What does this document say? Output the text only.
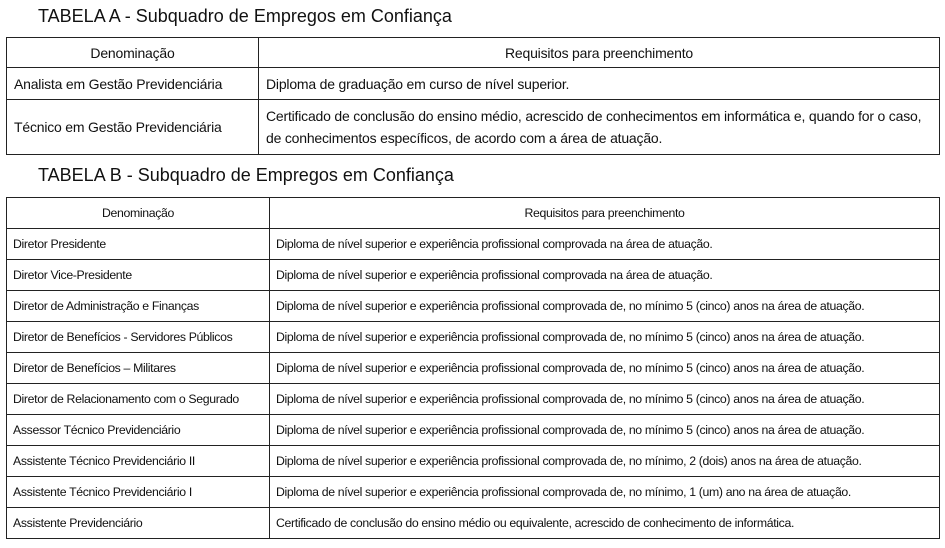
TABELA A - Subquadro de Empregos em Confiança
Denominação	Requisitos para preenchimento
Analista em Gestão Previdenciária	Diploma de graduação em curso de nível superior.
Técnico em Gestão Previdenciária	Certificado de conclusão do ensino médio, acrescido de conhecimentos em informática e, quando for o caso, de conhecimentos específicos, de acordo com a área de atuação.
TABELA B - Subquadro de Empregos em Confiança
Denominação	Requisitos para preenchimento
Diretor Presidente	Diploma de nível superior e experiência profissional comprovada na área de atuação.
Diretor Vice-Presidente	Diploma de nível superior e experiência profissional comprovada na área de atuação.
Diretor de Administração e Finanças	Diploma de nível superior e experiência profissional comprovada de, no mínimo 5 (cinco) anos na área de atuação.
Diretor de Benefícios - Servidores Públicos	Diploma de nível superior e experiência profissional comprovada de, no mínimo 5 (cinco) anos na área de atuação.
Diretor de Benefícios – Militares	Diploma de nível superior e experiência profissional comprovada de, no mínimo 5 (cinco) anos na área de atuação.
Diretor de Relacionamento com o Segurado	Diploma de nível superior e experiência profissional comprovada de, no mínimo 5 (cinco) anos na área de atuação.
Assessor Técnico Previdenciário	Diploma de nível superior e experiência profissional comprovada de, no mínimo 5 (cinco) anos na área de atuação.
Assistente Técnico Previdenciário II	Diploma de nível superior e experiência profissional comprovada de, no mínimo, 2 (dois) anos na área de atuação.
Assistente Técnico Previdenciário I	Diploma de nível superior e experiência profissional comprovada de, no mínimo, 1 (um) ano na área de atuação.
Assistente Previdenciário	Certificado de conclusão do ensino médio ou equivalente, acrescido de conhecimento de informática.
